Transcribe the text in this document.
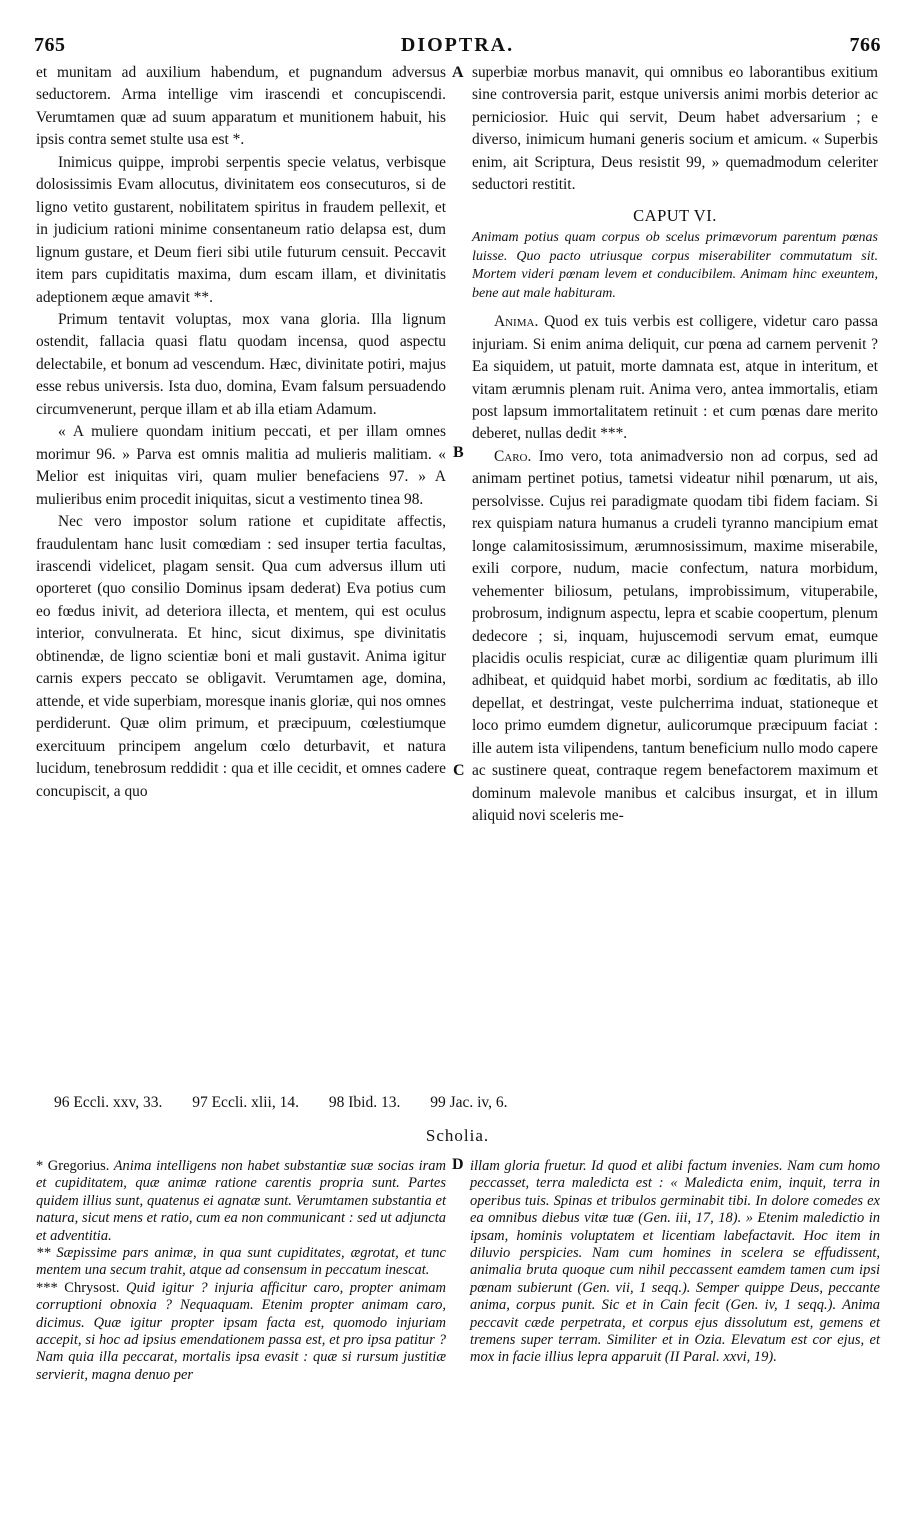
DIOPTRA.
765	766
A
B
C
D

et munitam ad auxilium habendum, et pugnandum adversus seductorem. Arma intellige vim irascendi et concupiscendi. Verumtamen quæ ad suum apparatum et munitionem habuit, his ipsis contra semet stulte usa est *.

Inimicus quippe, improbi serpentis specie velatus, verbisque dolosissimis Evam allocutus, divinitatem eos consecuturos, si de ligno vetito gustarent, nobilitatem spiritus in fraudem pellexit, et in judicium rationi minime consentaneum ratio delapsa est, dum lignum gustare, et Deum fieri sibi utile futurum censuit. Peccavit item pars cupiditatis maxima, dum escam illam, et divinitatis adeptionem æque amavit **.

Primum tentavit voluptas, mox vana gloria. Illa lignum ostendit, fallacia quasi flatu quodam incensa, quod aspectu delectabile, et bonum ad vescendum. Hæc, divinitate potiri, majus esse rebus universis. Ista duo, domina, Evam falsum persuadendo circumvenerunt, perque illam et ab illa etiam Adamum.

« A muliere quondam initium peccati, et per illam omnes morimur 96. » Parva est omnis malitia ad mulieris malitiam. « Melior est iniquitas viri, quam mulier benefaciens 97. » A mulieribus enim procedit iniquitas, sicut a vestimento tinea 98.

Nec vero impostor solum ratione et cupiditate affectis, fraudulentam hanc lusit comœdiam : sed insuper tertia facultas, irascendi videlicet, plagam sensit. Qua cum adversus illum uti oporteret (quo consilio Dominus ipsam dederat) Eva potius cum eo fœdus inivit, ad deteriora illecta, et mentem, qui est oculus interior, convulnerata. Et hinc, sicut diximus, spe divinitatis obtinendæ, de ligno scientiæ boni et mali gustavit. Anima igitur carnis expers peccato se obligavit. Verumtamen age, domina, attende, et vide superbiam, moresque inanis gloriæ, qui nos omnes perdiderunt. Quæ olim primum, et præcipuum, cœlestiumque exercituum principem angelum cœlo deturbavit, et natura lucidum, tenebrosum reddidit : qua et ille cecidit, et omnes cadere concupiscit, a quo

superbiæ morbus manavit, qui omnibus eo laborantibus exitium sine controversia parit, estque universis animi morbis deterior ac perniciosior. Huic qui servit, Deum habet adversarium ; e diverso, inimicum humani generis socium et amicum. « Superbis enim, ait Scriptura, Deus resistit 99, » quemadmodum celeriter seductori restitit.

CAPUT VI.
Animam potius quam corpus ob scelus primævorum parentum pœnas luisse. Quo pacto utriusque corpus miserabiliter commutatum sit. Mortem videri pœnam levem et conducibilem. Animam hinc exeuntem, bene aut male habituram.

Anima. Quod ex tuis verbis est colligere, videtur caro passa injuriam. Si enim anima deliquit, cur pœna ad carnem pervenit ? Ea siquidem, ut patuit, morte damnata est, atque in interitum, et vitam ærumnis plenam ruit. Anima vero, antea immortalis, etiam post lapsum immortalitatem retinuit : et cum pœnas dare merito deberet, nullas dedit ***.

Caro. Imo vero, tota animadversio non ad corpus, sed ad animam pertinet potius, tametsi videatur nihil pœnarum, ut ais, persolvisse. Cujus rei paradigmate quodam tibi fidem faciam. Si rex quispiam natura humanus a crudeli tyranno mancipium emat longe calamitosissimum, ærumnosissimum, maxime miserabile, exili corpore, nudum, macie confectum, natura morbidum, vehementer biliosum, petulans, improbissimum, vituperabile, probrosum, indignum aspectu, lepra et scabie coopertum, plenum dedecore ; si, inquam, hujuscemodi servum emat, eumque placidis oculis respiciat, curæ ac diligentiæ quam plurimum illi adhibeat, et quidquid habet morbi, sordium ac fœditatis, ab illo depellat, et destringat, veste pulcherrima induat, stationeque et loco primo eumdem dignetur, aulicorumque præcipuum faciat : ille autem ista vilipendens, tantum beneficium nullo modo capere ac sustinere queat, contraque regem benefactorem maximum et dominum malevole manibus et calcibus insurgat, et in illum aliquid novi sceleris me-

96 Eccli. xxv, 33. 97 Eccli. xlii, 14. 98 Ibid. 13. 99 Jac. iv, 6.
Scholia.

* Gregorius. Anima intelligens non habet substantiæ suæ socias iram et cupiditatem, quæ animæ ratione carentis propria sunt. Partes quidem illius sunt, quatenus ei agnatæ sunt. Verumtamen substantia et natura, sicut mens et ratio, cum ea non communicant : sed ut adjuncta et adventitia.

** Sæpissime pars animæ, in qua sunt cupiditates, ægrotat, et tunc mentem una secum trahit, atque ad consensum in peccatum inescat.

*** Chrysost. Quid igitur ? injuria afficitur caro, propter animam corruptioni obnoxia ? Nequaquam. Etenim propter animam caro, dicimus. Quæ igitur propter ipsam facta est, quomodo injuriam accepit, si hoc ad ipsius emendationem passa est, et pro ipsa patitur ? Nam quia illa peccarat, mortalis ipsa evasit : quæ si rursum justitiæ servierit, magna denuo per

illam gloria fruetur. Id quod et alibi factum invenies. Nam cum homo peccasset, terra maledicta est : « Maledicta enim, inquit, terra in operibus tuis. Spinas et tribulos germinabit tibi. In dolore comedes ex ea omnibus diebus vitæ tuæ (Gen. iii, 17, 18). » Etenim maledictio in ipsam, hominis voluptatem et licentiam labefactavit. Hoc item in diluvio perspicies. Nam cum homines in scelera se effudissent, animalia bruta quoque cum nihil peccassent eamdem tamen cum ipsi pœnam subierunt (Gen. vii, 1 seqq.). Semper quippe Deus, peccante anima, corpus punit. Sic et in Cain fecit (Gen. iv, 1 seqq.). Anima peccavit cæde perpetrata, et corpus ejus dissolutum est, gemens et tremens super terram. Similiter et in Ozia. Elevatum est cor ejus, et mox in facie illius lepra apparuit (II Paral. xxvi, 19).
